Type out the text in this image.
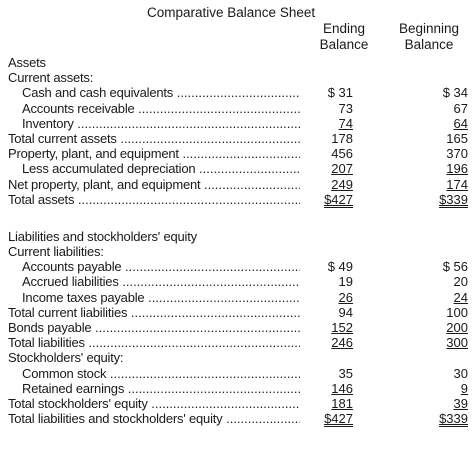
Comparative Balance Sheet
Ending
Balance
Beginning
Balance
Assets
Current assets:
Cash and cash equivalents .....	$ 31	$ 34
Accounts receivable .....	73	67
Inventory .....	74	64
Total current assets .....	178	165
Property, plant, and equipment .....	456	370
Less accumulated depreciation .....	207	196
Net property, plant, and equipment .....	249	174
Total assets .....	$427	$339
Liabilities and stockholders' equity
Current liabilities:
Accounts payable .....	$ 49	$ 56
Accrued liabilities .....	19	20
Income taxes payable .....	26	24
Total current liabilities .....	94	100
Bonds payable .....	152	200
Total liabilities .....	246	300
Stockholders' equity:
Common stock .....	35	30
Retained earnings .....	146	9
Total stockholders' equity .....	181	39
Total liabilities and stockholders' equity .....	$427	$339
